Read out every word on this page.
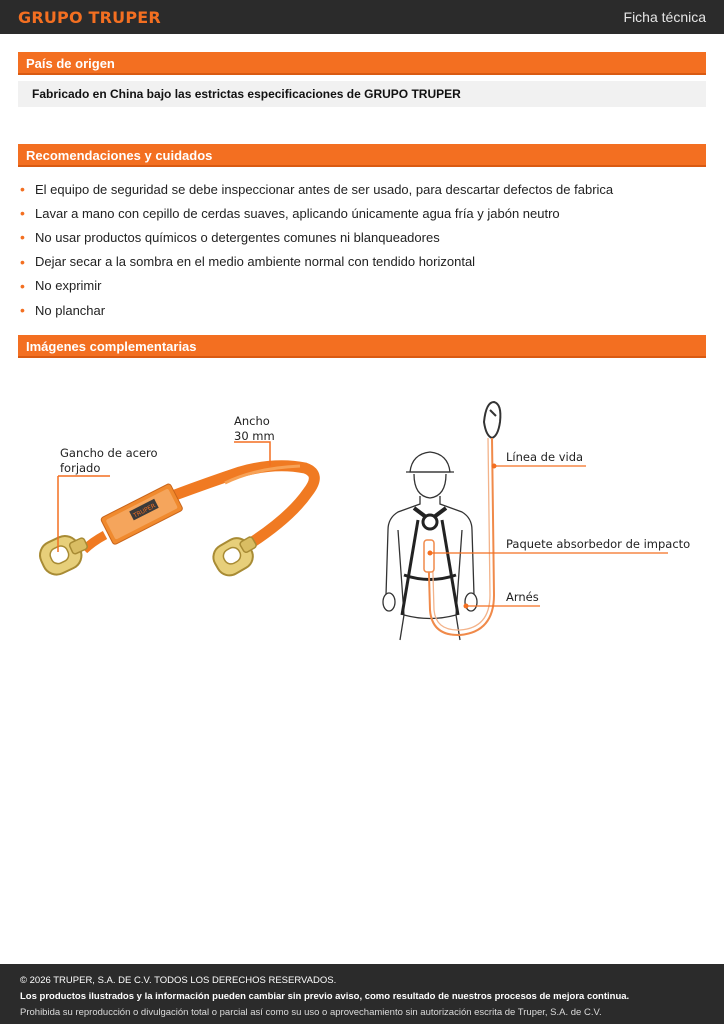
GRUPO TRUPER	Ficha técnica
País de origen
Fabricado en China bajo las estrictas especificaciones de GRUPO TRUPER
Recomendaciones y cuidados
• El equipo de seguridad se debe inspeccionar antes de ser usado, para descartar defectos de fabrica
• Lavar a mano con cepillo de cerdas suaves, aplicando únicamente agua fría y jabón neutro
• No usar productos químicos o detergentes comunes ni blanqueadores
• Dejar secar a la sombra en el medio ambiente normal con tendido horizontal
• No exprimir
• No planchar
Imágenes complementarias
TRUPER
Ancho
30 mm
Gancho de acero
forjado
Línea de vida
Paquete absorbedor de impacto
Arnés
© 2026 TRUPER, S.A. DE C.V. TODOS LOS DERECHOS RESERVADOS.
Los productos ilustrados y la información pueden cambiar sin previo aviso, como resultado de nuestros procesos de mejora continua.
Prohibida su reproducción o divulgación total o parcial así como su uso o aprovechamiento sin autorización escrita de Truper, S.A. de C.V.
